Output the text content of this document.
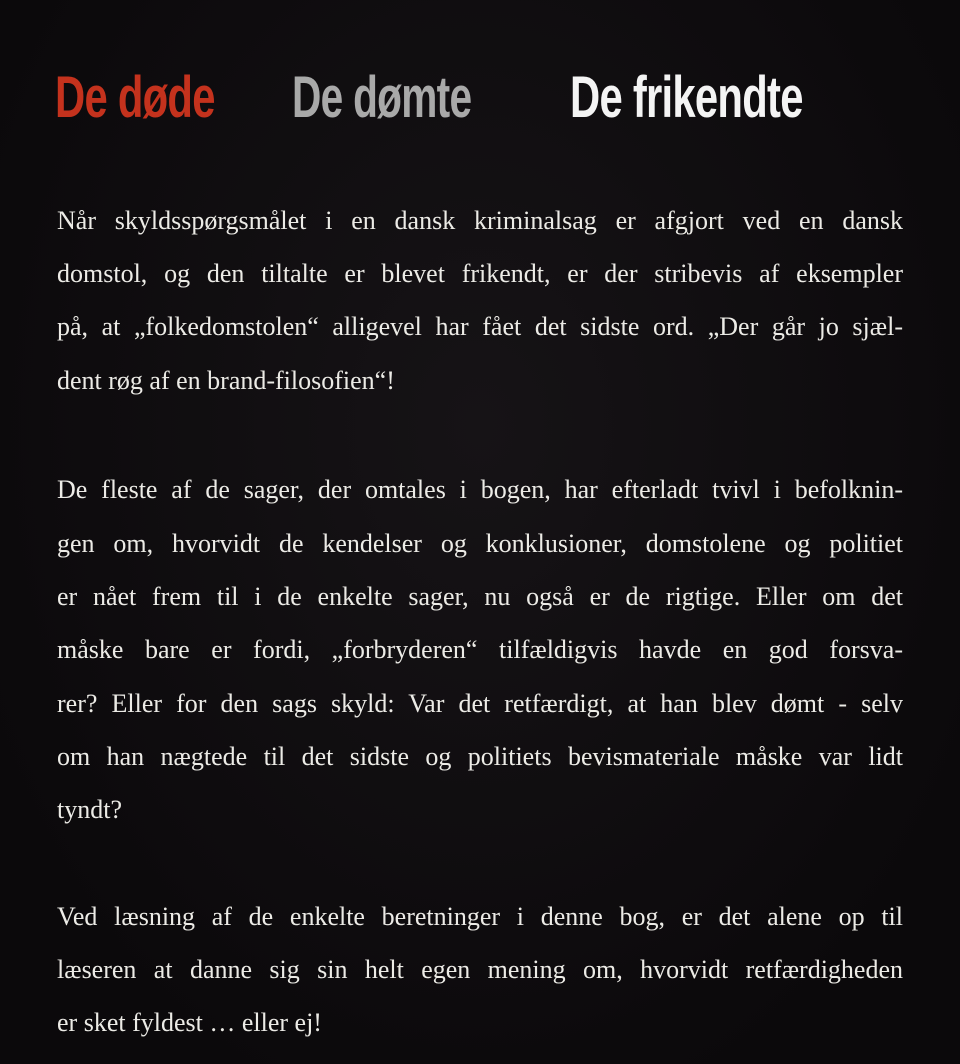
De døde De dømte De frikendte
Når skyldsspørgsmålet i en dansk kriminalsag er afgjort ved en dansk
domstol, og den tiltalte er blevet frikendt, er der stribevis af eksempler
på, at „folkedomstolen“ alligevel har fået det sidste ord. „Der går jo sjæl-
dent røg af en brand-filosofien“!
De fleste af de sager, der omtales i bogen, har efterladt tvivl i befolknin-
gen om, hvorvidt de kendelser og konklusioner, domstolene og politiet
er nået frem til i de enkelte sager, nu også er de rigtige. Eller om det
måske bare er fordi, „forbryderen“ tilfældigvis havde en god forsva-
rer? Eller for den sags skyld: Var det retfærdigt, at han blev dømt - selv
om han nægtede til det sidste og politiets bevismateriale måske var lidt
tyndt?
Ved læsning af de enkelte beretninger i denne bog, er det alene op til
læseren at danne sig sin helt egen mening om, hvorvidt retfærdigheden
er sket fyldest … eller ej!
